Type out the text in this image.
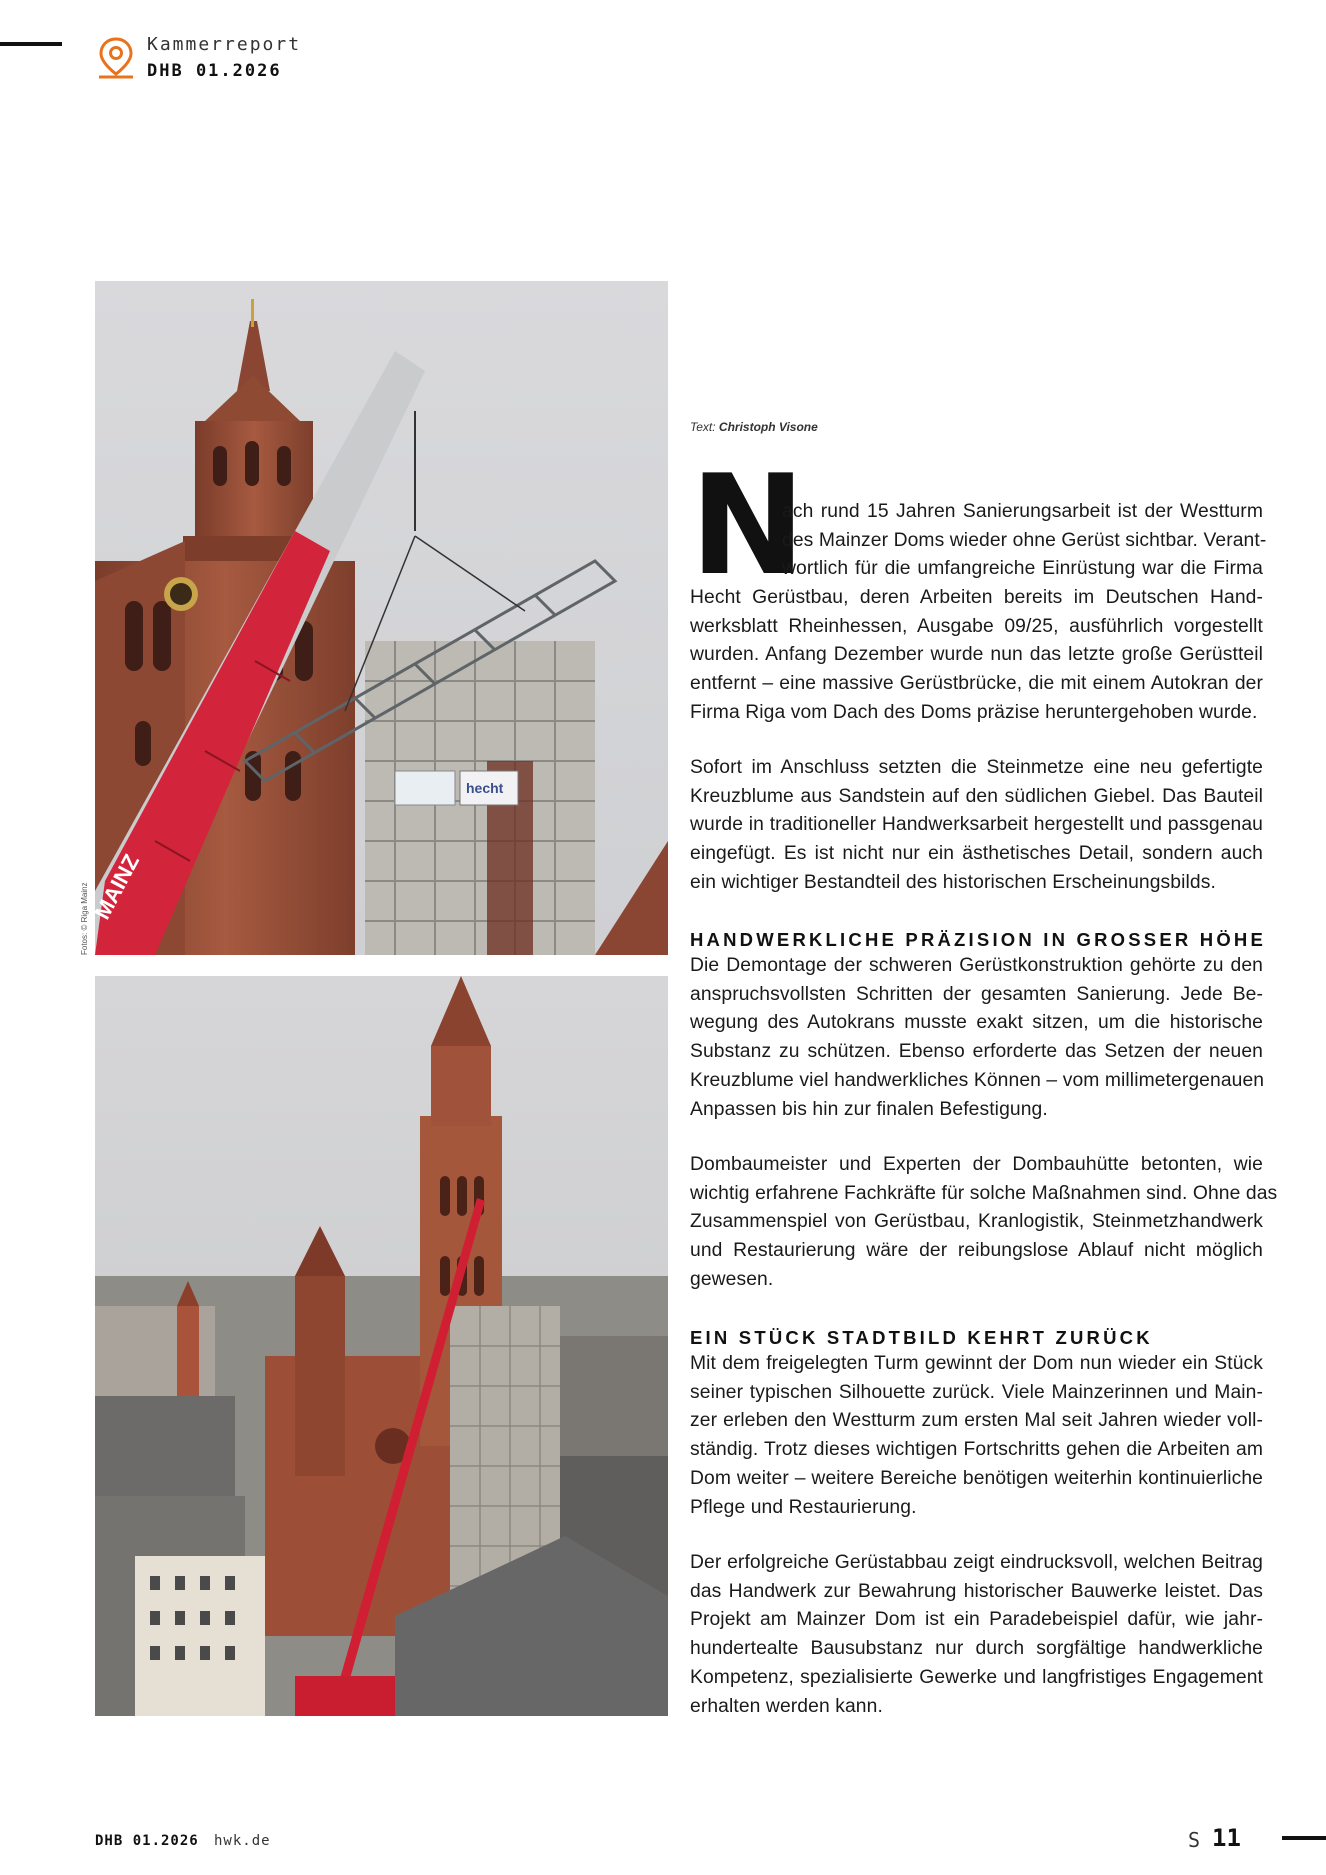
Kammerreport
DHB 01.2026
hecht
MAINZ
Fotos: © Riga Mainz
Text: Christoph Visone
N
ach rund 15 Jahren Sanierungsarbeit ist der Westturm
des Mainzer Doms wieder ohne Gerüst sichtbar. Verant-
wortlich für die umfangreiche Einrüstung war die Firma
Hecht Gerüstbau, deren Arbeiten bereits im Deutschen Hand-
werksblatt Rheinhessen, Ausgabe 09/25, ausführlich vorgestellt
wurden. Anfang Dezember wurde nun das letzte große Gerüstteil
entfernt – eine massive Gerüstbrücke, die mit einem Autokran der
Firma Riga vom Dach des Doms präzise heruntergehoben wurde.
Sofort im Anschluss setzten die Steinmetze eine neu gefertigte
Kreuzblume aus Sandstein auf den südlichen Giebel. Das Bauteil
wurde in traditioneller Handwerksarbeit hergestellt und passgenau
eingefügt. Es ist nicht nur ein ästhetisches Detail, sondern auch
ein wichtiger Bestandteil des historischen Erscheinungsbilds.
HANDWERKLICHE PRÄZISION IN GROSSER HÖHE
Die Demontage der schweren Gerüstkonstruktion gehörte zu den
anspruchsvollsten Schritten der gesamten Sanierung. Jede Be-
wegung des Autokrans musste exakt sitzen, um die historische
Substanz zu schützen. Ebenso erforderte das Setzen der neuen
Kreuzblume viel handwerkliches Können – vom millimetergenauen
Anpassen bis hin zur finalen Befestigung.
Dombaumeister und Experten der Dombauhütte betonten, wie
wichtig erfahrene Fachkräfte für solche Maßnahmen sind. Ohne das
Zusammenspiel von Gerüstbau, Kranlogistik, Steinmetzhandwerk
und Restaurierung wäre der reibungslose Ablauf nicht möglich
gewesen.
EIN STÜCK STADTBILD KEHRT ZURÜCK
Mit dem freigelegten Turm gewinnt der Dom nun wieder ein Stück
seiner typischen Silhouette zurück. Viele Mainzerinnen und Main-
zer erleben den Westturm zum ersten Mal seit Jahren wieder voll-
ständig. Trotz dieses wichtigen Fortschritts gehen die Arbeiten am
Dom weiter – weitere Bereiche benötigen weiterhin kontinuierliche
Pflege und Restaurierung.
Der erfolgreiche Gerüstabbau zeigt eindrucksvoll, welchen Beitrag
das Handwerk zur Bewahrung historischer Bauwerke leistet. Das
Projekt am Mainzer Dom ist ein Paradebeispiel dafür, wie jahr-
hundertealte Bausubstanz nur durch sorgfältige handwerkliche
Kompetenz, spezialisierte Gewerke und langfristiges Engagement
erhalten werden kann.
DHB 01.2026 hwk.de	S 11
